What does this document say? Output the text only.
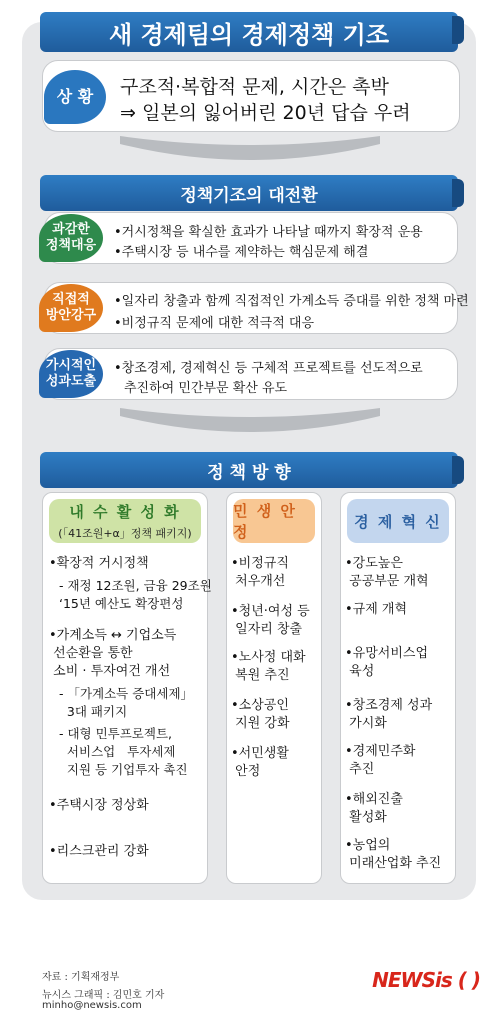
새 경제팀의 경제정책 기조
상 황 구조적·복합적 문제, 시간은 촉박
⇒ 일본의 잃어버린 20년 답습 우려
정책기조의 대전환
과감한
정책대응
•거시정책을 확실한 효과가 나타날 때까지 확장적 운용
•주택시장 등 내수를 제약하는 핵심문제 해결
직접적
방안강구
•일자리 창출과 함께 직접적인 가계소득 증대를 위한 정책 마련
•비정규직 문제에 대한 적극적 대응
가시적인
성과도출
•창조경제, 경제혁신 등 구체적 프로젝트를 선도적으로
추진하여 민간부문 확산 유도
정 책 방 향
내 수 활 성 화
(「41조원+α」정책 패키지)
•확장적 거시정책
- 재정 12조원, 금융 29조원
‘15년 예산도 확장편성
•가계소득 ↔ 기업소득
선순환을 통한
소비 · 투자여건 개선
- 「가계소득 증대세제」
3대 패키지
- 대형 민투프로젝트,
서비스업   투자세제
지원 등 기업투자 촉진
•주택시장 정상화
•리스크관리 강화
민 생 안 정
•비정규직
처우개선
•청년·여성 등
일자리 창출
•노사정 대화
복원 추진
•소상공인
지원 강화
•서민생활
안정
경 제 혁 신
•강도높은
공공부문 개혁
•규제 개혁
•유망서비스업
육성
•창조경제 성과
가시화
•경제민주화
추진
•해외진출
활성화
•농업의
미래산업화 추진
자료 : 기획재정부
뉴시스 그래픽 : 김민호 기자
minho@newsis.com
NEWSis ( )
